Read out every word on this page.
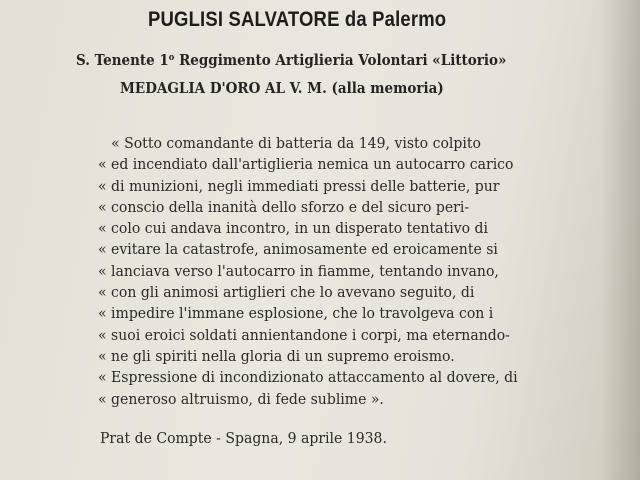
PUGLISI SALVATORE da Palermo
S. Tenente 1$^o$ Reggimento Artiglieria Volontari «Littorio»
MEDAGLIA D'ORO AL V. M. (alla memoria)
« Sotto comandante di batteria da 149, visto colpito
« ed incendiato dall'artiglieria nemica un autocarro carico
« di munizioni, negli immediati pressi delle batterie, pur
« conscio della inanità dello sforzo e del sicuro peri-
« colo cui andava incontro, in un disperato tentativo di
« evitare la catastrofe, animosamente ed eroicamente si
« lanciava verso l'autocarro in fiamme, tentando invano,
« con gli animosi artiglieri che lo avevano seguito, di
« impedire l'immane esplosione, che lo travolgeva con i
« suoi eroici soldati annientandone i corpi, ma eternando-
« ne gli spiriti nella gloria di un supremo eroismo.
« Espressione di incondizionato attaccamento al dovere, di
« generoso altruismo, di fede sublime ».
Prat de Compte - Spagna, 9 aprile 1938.
